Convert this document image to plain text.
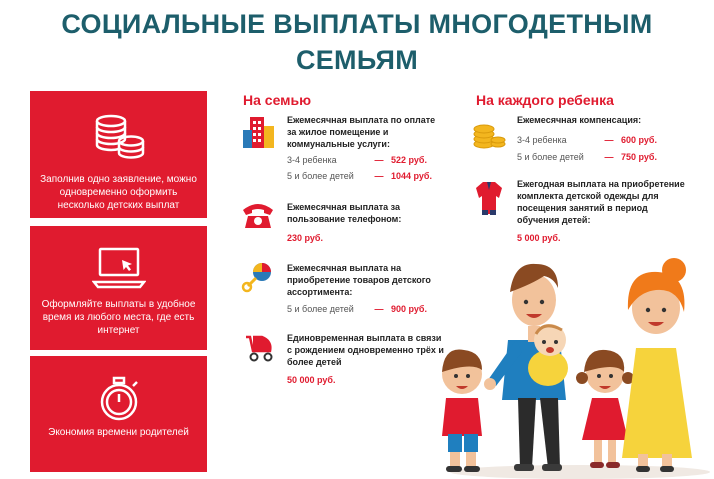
СОЦИАЛЬНЫЕ ВЫПЛАТЫ МНОГОДЕТНЫМ
СЕМЬЯМ
Заполнив одно заявление, можно одновременно оформить несколько детских выплат
Оформляйте выплаты в удобное время из любого места, где есть интернет
Экономия времени родителей
На семью	На каждого ребенка
Ежемесячная выплата по оплате за жилое помещение и коммунальные услуги:
3-4 ребенка	— 522 руб.
5 и более детей	— 1044 руб.
Ежемесячная выплата за пользование телефоном:
230 руб.
Ежемесячная выплата на приобретение товаров детского ассортимента:
5 и более детей	— 900 руб.
Единовременная выплата в связи с рождением одновременно трёх и более детей
50 000 руб.
Ежемесячная компенсация:
3-4 ребенка	— 600 руб.
5 и более детей	— 750 руб.
Ежегодная выплата на приобретение комплекта детской одежды для посещения занятий в период обучения детей:
5 000 руб.
